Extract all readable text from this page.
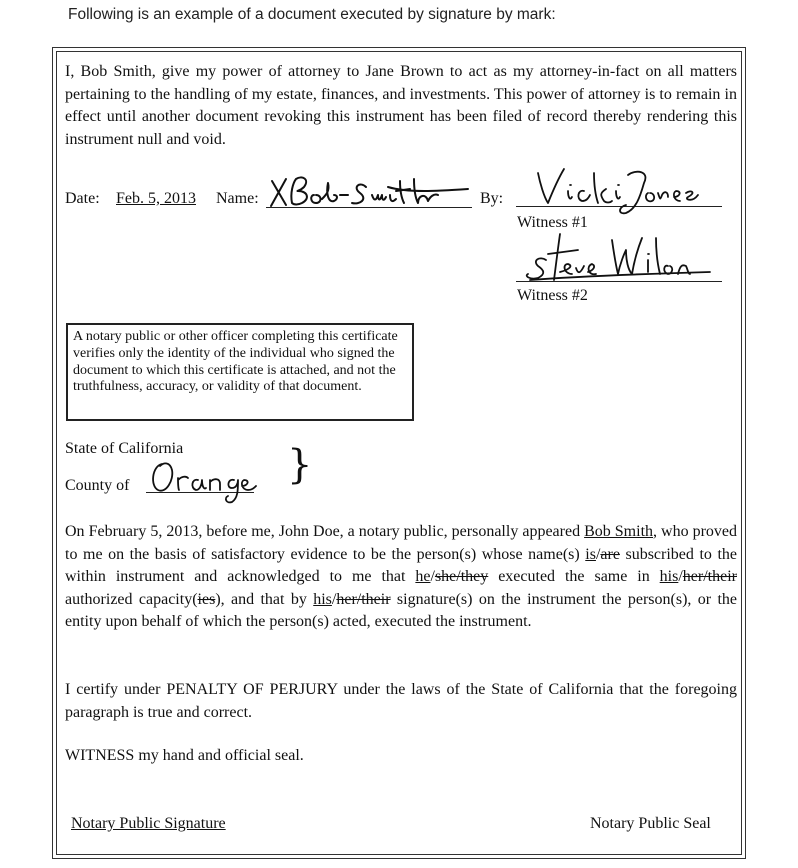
Following is an example of a document executed by signature by mark:
I, Bob Smith, give my power of attorney to Jane Brown to act as my attorney-in-fact on all matters pertaining to the handling of my estate, finances, and investments. This power of attorney is to remain in effect until another document revoking this instrument has been filed of record thereby rendering this instrument null and void.
Date: Feb. 5, 2013 Name:	By:
Witness #1
Witness #2
A notary public or other officer completing this certificate verifies only the identity of the individual who signed the document to which this certificate is attached, and not the truthfulness, accuracy, or validity of that document.
State of California
County of	}
On February 5, 2013, before me, John Doe, a notary public, personally appeared Bob Smith, who proved to me on the basis of satisfactory evidence to be the person(s) whose name(s) is/are subscribed to the within instrument and acknowledged to me that he/she/they executed the same in his/her/their authorized capacity(ies), and that by his/her/their signature(s) on the instrument the person(s), or the entity upon behalf of which the person(s) acted, executed the instrument.
I certify under PENALTY OF PERJURY under the laws of the State of California that the foregoing paragraph is true and correct.
WITNESS my hand and official seal.
Notary Public Signature	Notary Public Seal
